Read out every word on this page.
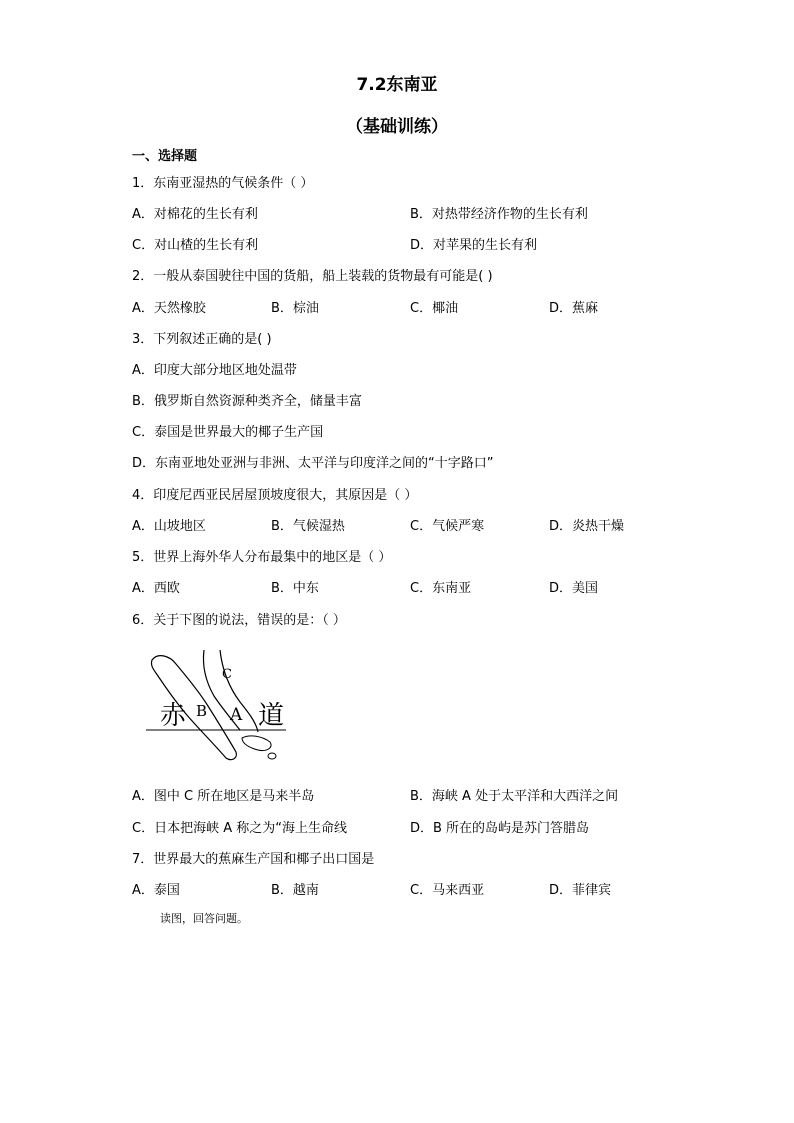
7.2东南亚
（基础训练）
一、选择题
1．东南亚湿热的气候条件（ ）
A．对棉花的生长有利	B．对热带经济作物的生长有利
C．对山楂的生长有利	D．对苹果的生长有利
2．一般从泰国驶往中国的货船，船上装载的货物最有可能是( )
A．天然橡胶	B．棕油	C．椰油	D．蕉麻
3．下列叙述正确的是( )
A．印度大部分地区地处温带
B．俄罗斯自然资源种类齐全，储量丰富
C．泰国是世界最大的椰子生产国
D．东南亚地处亚洲与非洲、太平洋与印度洋之间的“十字路口”
4．印度尼西亚民居屋顶坡度很大，其原因是（ ）
A．山坡地区	B．气候湿热	C．气候严寒	D．炎热干燥
5．世界上海外华人分布最集中的地区是（ ）
A．西欧	B．中东	C．东南亚	D．美国
6．关于下图的说法，错误的是：（ ）
赤 B A 道
C
A．图中 C 所在地区是马来半岛	B．海峡 A 处于太平洋和大西洋之间
C．日本把海峡 A 称之为“海上生命线	D．B 所在的岛屿是苏门答腊岛
7．世界最大的蕉麻生产国和椰子出口国是
A．泰国	B．越南	C．马来西亚	D．菲律宾
读图，回答问题。
